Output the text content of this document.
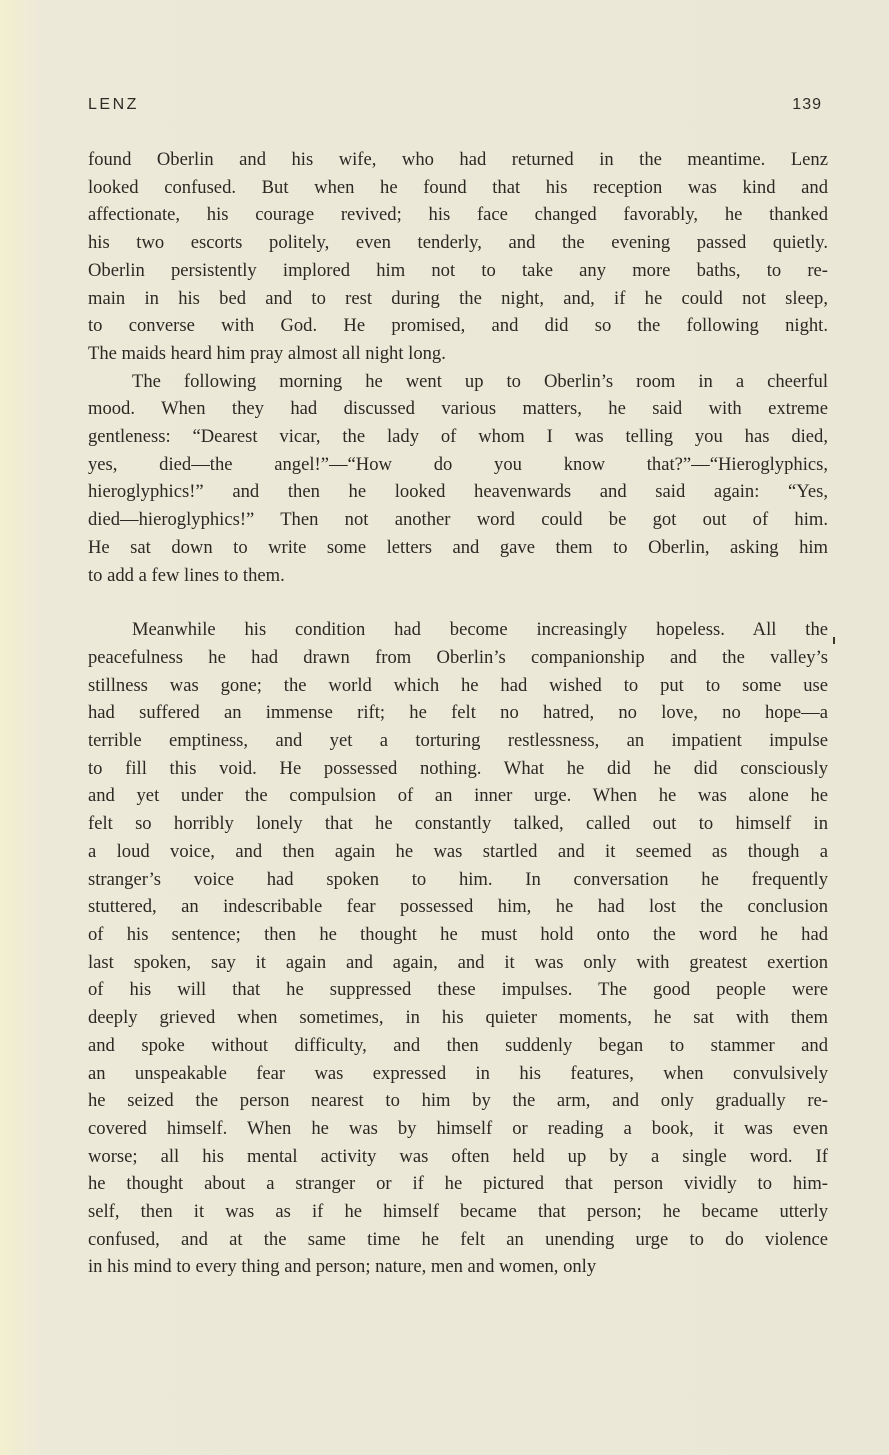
LENZ	139

found Oberlin and his wife, who had returned in the meantime. Lenz
looked confused. But when he found that his reception was kind and
affectionate, his courage revived; his face changed favorably, he thanked
his two escorts politely, even tenderly, and the evening passed quietly.
Oberlin persistently implored him not to take any more baths, to re-
main in his bed and to rest during the night, and, if he could not sleep,
to converse with God. He promised, and did so the following night.
The maids heard him pray almost all night long.

The following morning he went up to Oberlin’s room in a cheerful
mood. When they had discussed various matters, he said with extreme
gentleness: “Dearest vicar, the lady of whom I was telling you has died,
yes, died—the angel!”—“How do you know that?”—“Hieroglyphics,
hieroglyphics!” and then he looked heavenwards and said again: “Yes,
died—hieroglyphics!” Then not another word could be got out of him.
He sat down to write some letters and gave them to Oberlin, asking him
to add a few lines to them.

Meanwhile his condition had become increasingly hopeless. All the
peacefulness he had drawn from Oberlin’s companionship and the valley’s
stillness was gone; the world which he had wished to put to some use
had suffered an immense rift; he felt no hatred, no love, no hope—a
terrible emptiness, and yet a torturing restlessness, an impatient impulse
to fill this void. He possessed nothing. What he did he did consciously
and yet under the compulsion of an inner urge. When he was alone he
felt so horribly lonely that he constantly talked, called out to himself in
a loud voice, and then again he was startled and it seemed as though a
stranger’s voice had spoken to him. In conversation he frequently
stuttered, an indescribable fear possessed him, he had lost the conclusion
of his sentence; then he thought he must hold onto the word he had
last spoken, say it again and again, and it was only with greatest exertion
of his will that he suppressed these impulses. The good people were
deeply grieved when sometimes, in his quieter moments, he sat with them
and spoke without difficulty, and then suddenly began to stammer and
an unspeakable fear was expressed in his features, when convulsively
he seized the person nearest to him by the arm, and only gradually re-
covered himself. When he was by himself or reading a book, it was even
worse; all his mental activity was often held up by a single word. If
he thought about a stranger or if he pictured that person vividly to him-
self, then it was as if he himself became that person; he became utterly
confused, and at the same time he felt an unending urge to do violence
in his mind to every thing and person; nature, men and women, only
